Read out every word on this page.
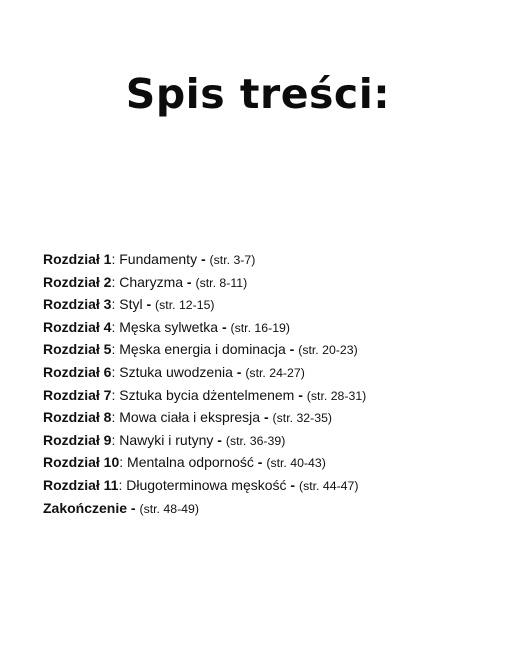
Spis treści:
Rozdział 1: Fundamenty - (str. 3-7)
Rozdział 2: Charyzma - (str. 8-11)
Rozdział 3: Styl - (str. 12-15)
Rozdział 4: Męska sylwetka - (str. 16-19)
Rozdział 5: Męska energia i dominacja - (str. 20-23)
Rozdział 6: Sztuka uwodzenia - (str. 24-27)
Rozdział 7: Sztuka bycia dżentelmenem - (str. 28-31)
Rozdział 8: Mowa ciała i ekspresja - (str. 32-35)
Rozdział 9: Nawyki i rutyny - (str. 36-39)
Rozdział 10: Mentalna odporność - (str. 40-43)
Rozdział 11: Długoterminowa męskość - (str. 44-47)
Zakończenie - (str. 48-49)
